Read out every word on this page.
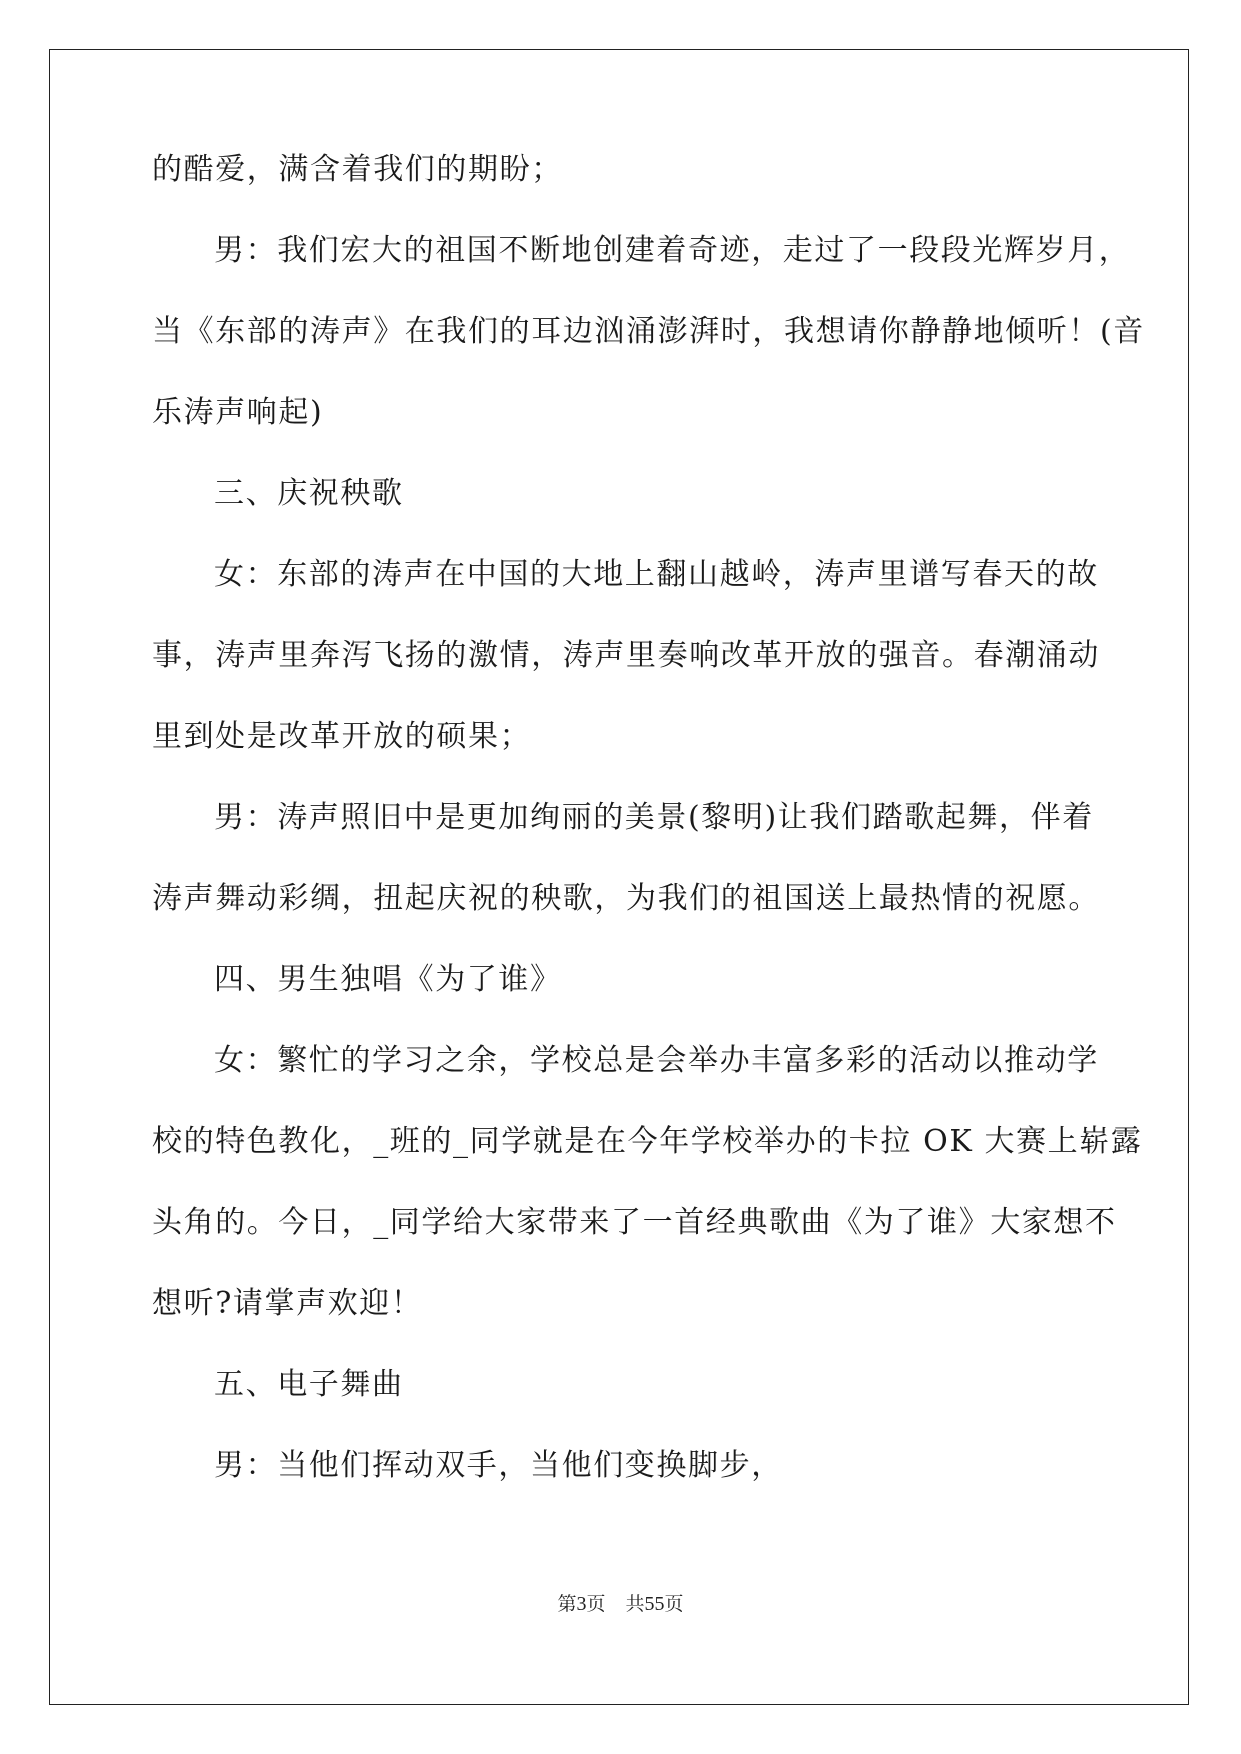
的酷爱，满含着我们的期盼；
男：我们宏大的祖国不断地创建着奇迹，走过了一段段光辉岁月，
当《东部的涛声》在我们的耳边汹涌澎湃时，我想请你静静地倾听！(音
乐涛声响起)
三、庆祝秧歌
女：东部的涛声在中国的大地上翻山越岭，涛声里谱写春天的故
事，涛声里奔泻飞扬的激情，涛声里奏响改革开放的强音。春潮涌动
里到处是改革开放的硕果；
男：涛声照旧中是更加绚丽的美景(黎明)让我们踏歌起舞，伴着
涛声舞动彩绸，扭起庆祝的秧歌，为我们的祖国送上最热情的祝愿。
四、男生独唱《为了谁》
女：繁忙的学习之余，学校总是会举办丰富多彩的活动以推动学
校的特色教化，_班的_同学就是在今年学校举办的卡拉 OK 大赛上崭露
头角的。今日，_同学给大家带来了一首经典歌曲《为了谁》大家想不
想听?请掌声欢迎！
五、电子舞曲
男：当他们挥动双手，当他们变换脚步，
第3页 共55页
